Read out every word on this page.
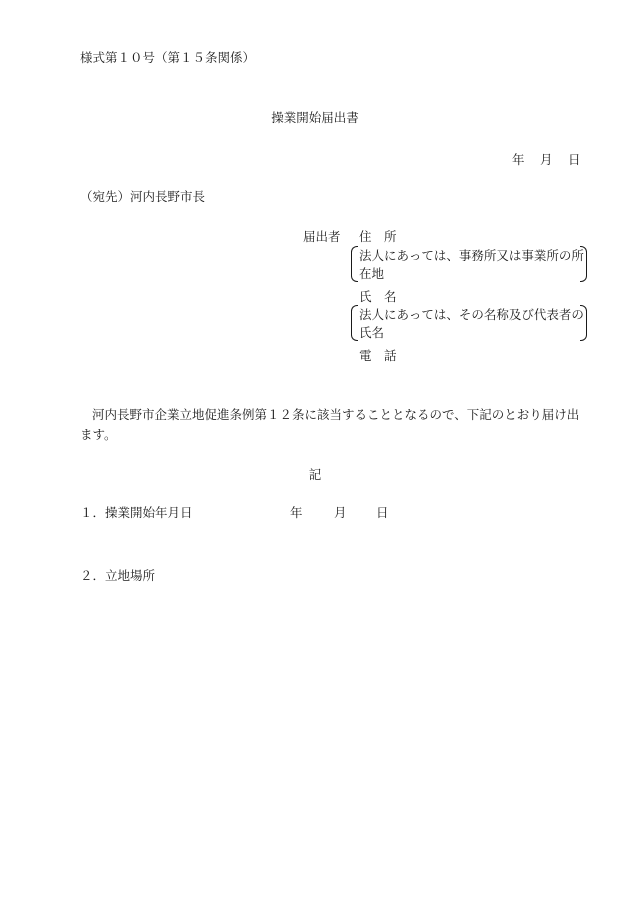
様式第１０号（第１５条関係）
操業開始届出書
年 月 日
（宛先）河内長野市長
届出者 住　所
法人にあっては、事務所又は事業所の所在地
氏　名
法人にあっては、その名称及び代表者の氏名
電　話
河内長野市企業立地促進条例第１２条に該当することとなるので、下記のとおり届け出ます。
記
１．操業開始年月日	年	月 日
２．立地場所
